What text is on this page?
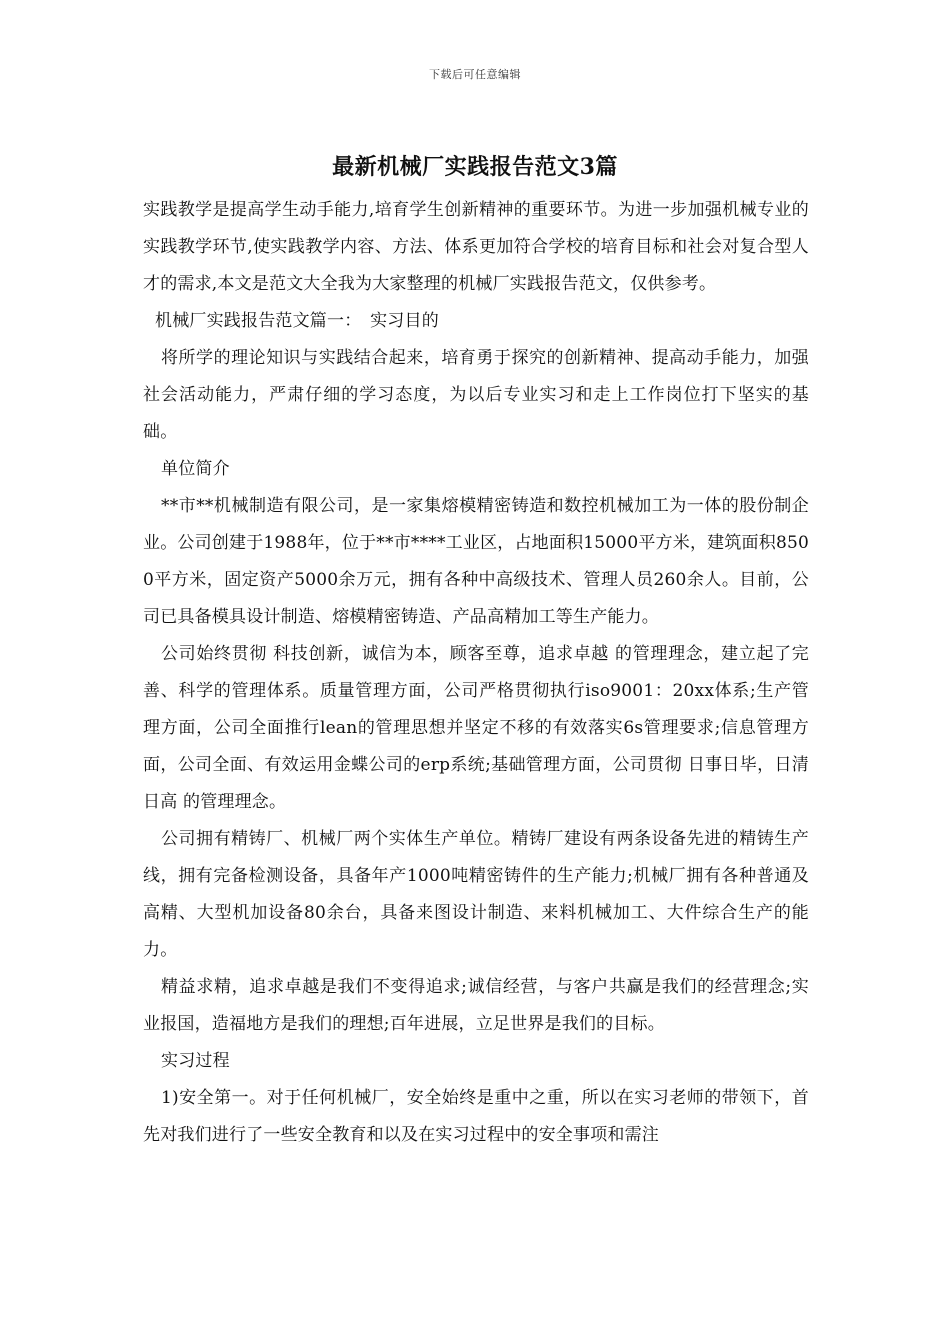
下载后可任意编辑
最新机械厂实践报告范文3篇

实践教学是提高学生动手能力,培育学生创新精神的重要环节。为进一步加强机械专业的实践教学环节,使实践教学内容、方法、体系更加符合学校的培育目标和社会对复合型人才的需求,本文是范文大全我为大家整理的机械厂实践报告范文，仅供参考。

机械厂实践报告范文篇一：　实习目的

将所学的理论知识与实践结合起来，培育勇于探究的创新精神、提高动手能力，加强社会活动能力，严肃仔细的学习态度，为以后专业实习和走上工作岗位打下坚实的基础。

单位简介

**市**机械制造有限公司，是一家集熔模精密铸造和数控机械加工为一体的股份制企业。公司创建于1988年，位于**市****工业区，占地面积15000平方米，建筑面积8500平方米，固定资产5000余万元，拥有各种中高级技术、管理人员260余人。目前，公司已具备模具设计制造、熔模精密铸造、产品高精加工等生产能力。

公司始终贯彻 科技创新，诚信为本，顾客至尊，追求卓越 的管理理念，建立起了完善、科学的管理体系。质量管理方面，公司严格贯彻执行iso9001：20xx体系;生产管理方面，公司全面推行lean的管理思想并坚定不移的有效落实6s管理要求;信息管理方面，公司全面、有效运用金蝶公司的erp系统;基础管理方面，公司贯彻 日事日毕，日清日高 的管理理念。

公司拥有精铸厂、机械厂两个实体生产单位。精铸厂建设有两条设备先进的精铸生产线，拥有完备检测设备，具备年产1000吨精密铸件的生产能力;机械厂拥有各种普通及高精、大型机加设备80余台，具备来图设计制造、来料机械加工、大件综合生产的能力。

精益求精，追求卓越是我们不变得追求;诚信经营，与客户共赢是我们的经营理念;实业报国，造福地方是我们的理想;百年进展，立足世界是我们的目标。

实习过程

1)安全第一。对于任何机械厂，安全始终是重中之重，所以在实习老师的带领下，首先对我们进行了一些安全教育和以及在实习过程中的安全事项和需注
